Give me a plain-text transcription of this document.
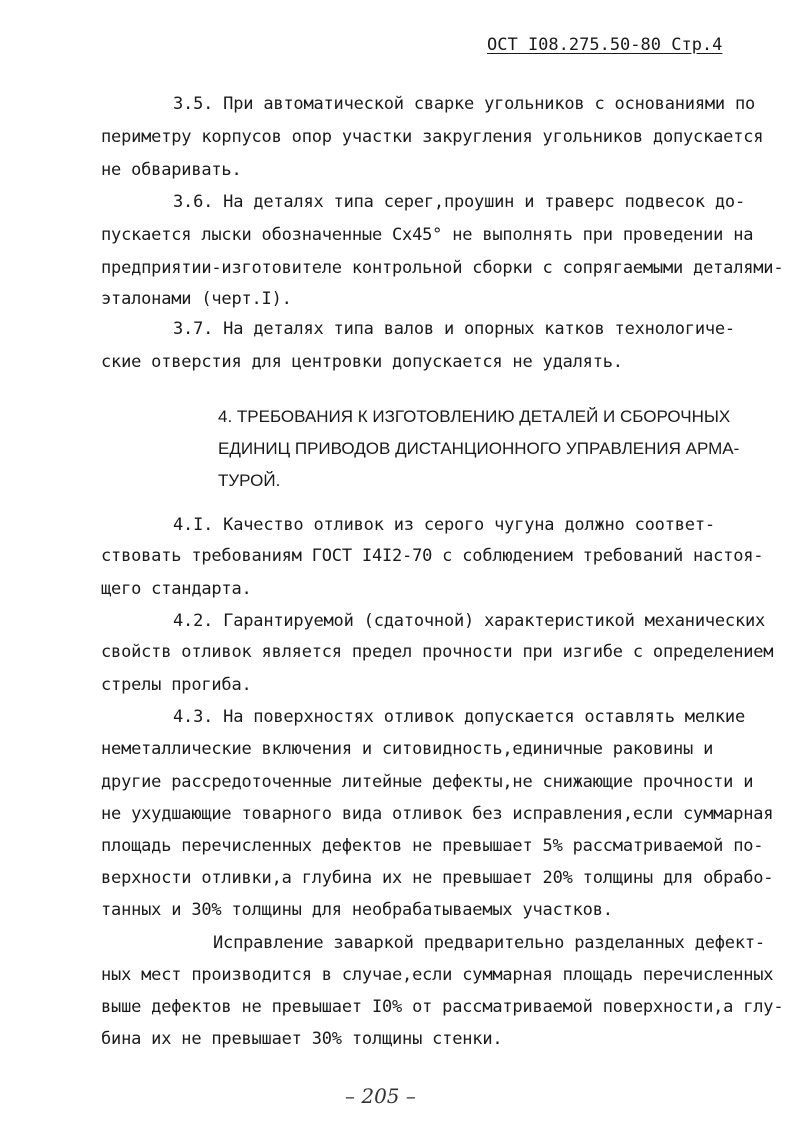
ОСТ I08.275.50-80 Стр.4
3.5. При автоматической сварке угольников с основаниями по
периметру корпусов опор участки закругления угольников допускается
не обваривать.
3.6. На деталях типа серег,проушин и траверс подвесок до-
пускается лыски обозначенные Сх45° не выполнять при проведении на
предприятии-изготовителе контрольной сборки с сопрягаемыми деталями-
эталонами (черт.I).
3.7. На деталях типа валов и опорных катков технологиче-
ские отверстия для центровки допускается не удалять.
4. ТРЕБОВАНИЯ К ИЗГОТОВЛЕНИЮ ДЕТАЛЕЙ И СБОРОЧНЫХ
ЕДИНИЦ ПРИВОДОВ ДИСТАНЦИОННОГО УПРАВЛЕНИЯ АРМА-
ТУРОЙ.
4.I. Качество отливок из серого чугуна должно соответ-
ствовать требованиям ГОСТ I4I2-70 с соблюдением требований настоя-
щего стандарта.
4.2. Гарантируемой (сдаточной) характеристикой механических
свойств отливок является предел прочности при изгибе с определением
стрелы прогиба.
4.3. На поверхностях отливок допускается оставлять мелкие
неметаллические включения и ситовидность,единичные раковины и
другие рассредоточенные литейные дефекты,не снижающие прочности и
не ухудшающие товарного вида отливок без исправления,если суммарная
площадь перечисленных дефектов не превышает 5% рассматриваемой по-
верхности отливки,а глубина их не превышает 20% толщины для обрабо-
танных и 30% толщины для необрабатываемых участков.
Исправление заваркой предварительно разделанных дефект-
ных мест производится в случае,если суммарная площадь перечисленных
выше дефектов не превышает I0% от рассматриваемой поверхности,а глу-
бина их не превышает 30% толщины стенки.
– 205 –
